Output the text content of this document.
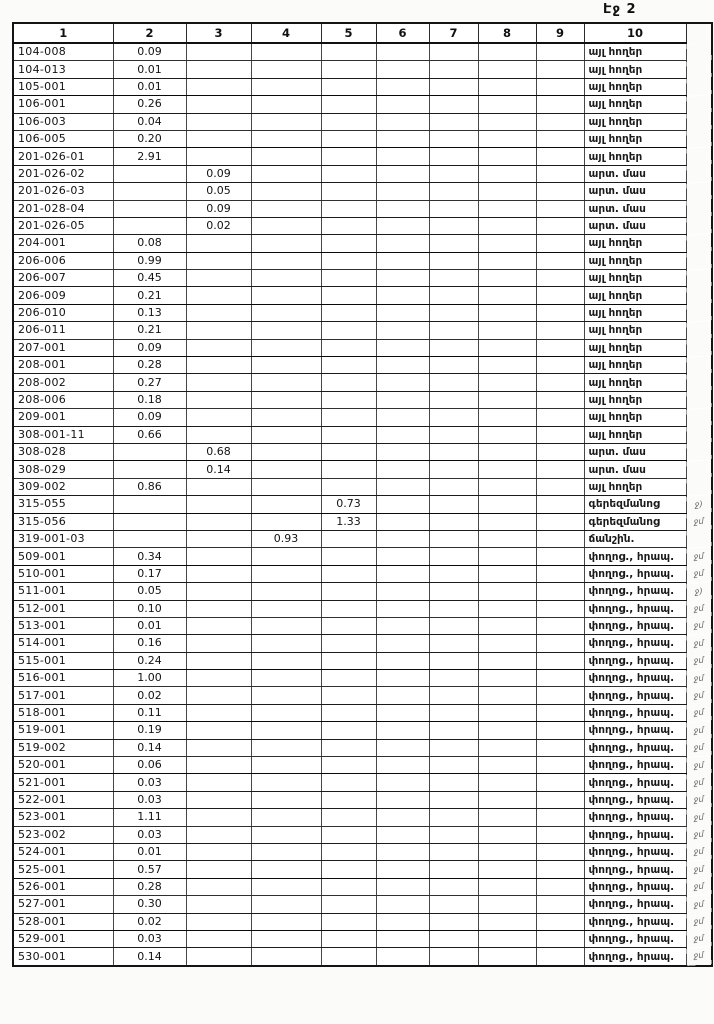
Էջ 2
1	2	3	4	5	6	7	8	9	10	
104-008	0.09								այլ հողեր	
104-013	0.01								այլ հողեր	
105-001	0.01								այլ հողեր	
106-001	0.26								այլ հողեր	
106-003	0.04								այլ հողեր	
106-005	0.20								այլ հողեր	
201-026-01	2.91								այլ հողեր	
201-026-02		0.09							արտ. մաս	
201-026-03		0.05							արտ. մաս	
201-028-04		0.09							արտ. մաս	
201-026-05		0.02							արտ. մաս	
204-001	0.08								այլ հողեր	
206-006	0.99								այլ հողեր	
206-007	0.45								այլ հողեր	
206-009	0.21								այլ հողեր	
206-010	0.13								այլ հողեր	
206-011	0.21								այլ հողեր	
207-001	0.09								այլ հողեր	
208-001	0.28								այլ հողեր	
208-002	0.27								այլ հողեր	
208-006	0.18								այլ հողեր	
209-001	0.09								այլ հողեր	
308-001-11	0.66								այլ հողեր	
308-028		0.68							արտ. մաս	
308-029		0.14							արտ. մաս	
309-002	0.86								այլ հողեր	
315-055				0.73					գերեզմանոց	ջ)
315-056				1.33					գերեզմանոց	ջմ
319-001-03			0.93						ճանշին.	
509-001	0.34								փողոց., հրապ.	ջմ
510-001	0.17								փողոց., հրապ.	ջմ
511-001	0.05								փողոց., հրապ.	ջ)
512-001	0.10								փողոց., հրապ.	ջմ
513-001	0.01								փողոց., հրապ.	ջմ
514-001	0.16								փողոց., հրապ.	ջմ
515-001	0.24								փողոց., հրապ.	ջմ
516-001	1.00								փողոց., հրապ.	ջմ
517-001	0.02								փողոց., հրապ.	ջմ
518-001	0.11								փողոց., հրապ.	ջմ
519-001	0.19								փողոց., հրապ.	ջմ
519-002	0.14								փողոց., հրապ.	ջմ
520-001	0.06								փողոց., հրապ.	ջմ
521-001	0.03								փողոց., հրապ.	ջմ
522-001	0.03								փողոց., հրապ.	ջմ
523-001	1.11								փողոց., հրապ.	ջմ
523-002	0.03								փողոց., հրապ.	ջմ
524-001	0.01								փողոց., հրապ.	ջմ
525-001	0.57								փողոց., հրապ.	ջմ
526-001	0.28								փողոց., հրապ.	ջմ
527-001	0.30								փողոց., հրապ.	ջմ
528-001	0.02								փողոց., հրապ.	ջմ
529-001	0.03								փողոց., հրապ.	ջմ
530-001	0.14								փողոց., հրապ.	ջմ
